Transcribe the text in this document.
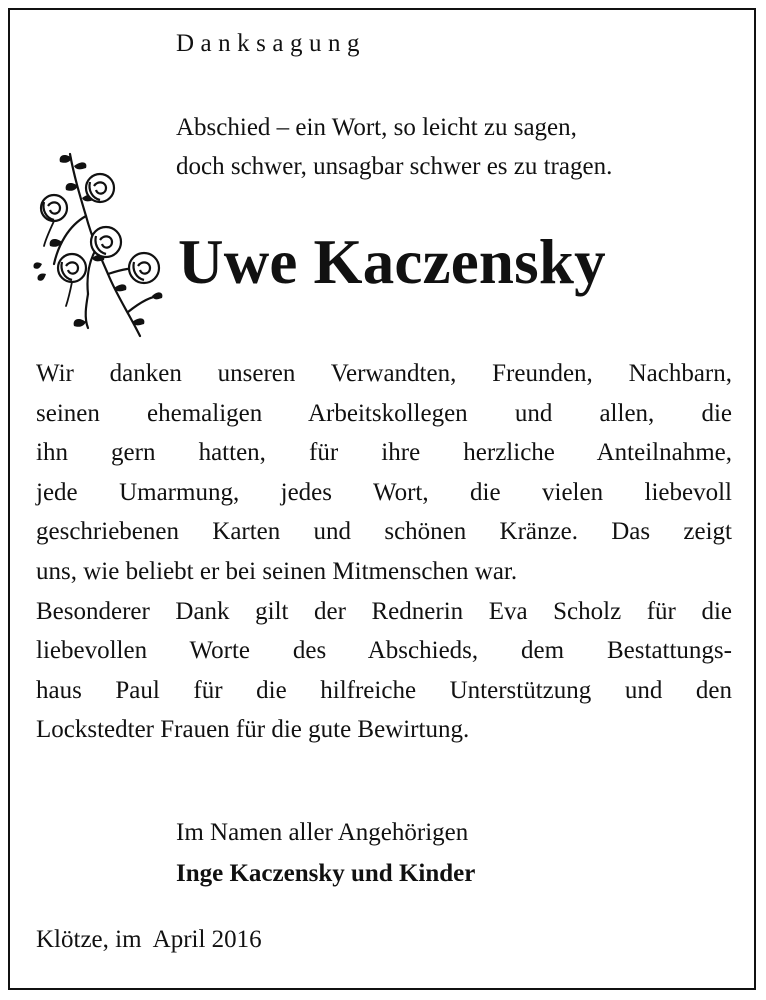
Danksagung
Abschied – ein Wort, so leicht zu sagen,
doch schwer, unsagbar schwer es zu tragen.
Uwe Kaczensky
Wir danken unseren Verwandten, Freunden, Nachbarn,
seinen ehemaligen Arbeitskollegen und allen, die
ihn gern hatten, für ihre herzliche Anteilnahme,
jede Umarmung, jedes Wort, die vielen liebevoll
geschriebenen Karten und schönen Kränze. Das zeigt
uns, wie beliebt er bei seinen Mitmenschen war.
Besonderer Dank gilt der Rednerin Eva Scholz für die
liebevollen Worte des Abschieds, dem Bestattungs-
haus Paul für die hilfreiche Unterstützung und den
Lockstedter Frauen für die gute Bewirtung.
Im Namen aller Angehörigen
Inge Kaczensky und Kinder
Klötze, im  April 2016
